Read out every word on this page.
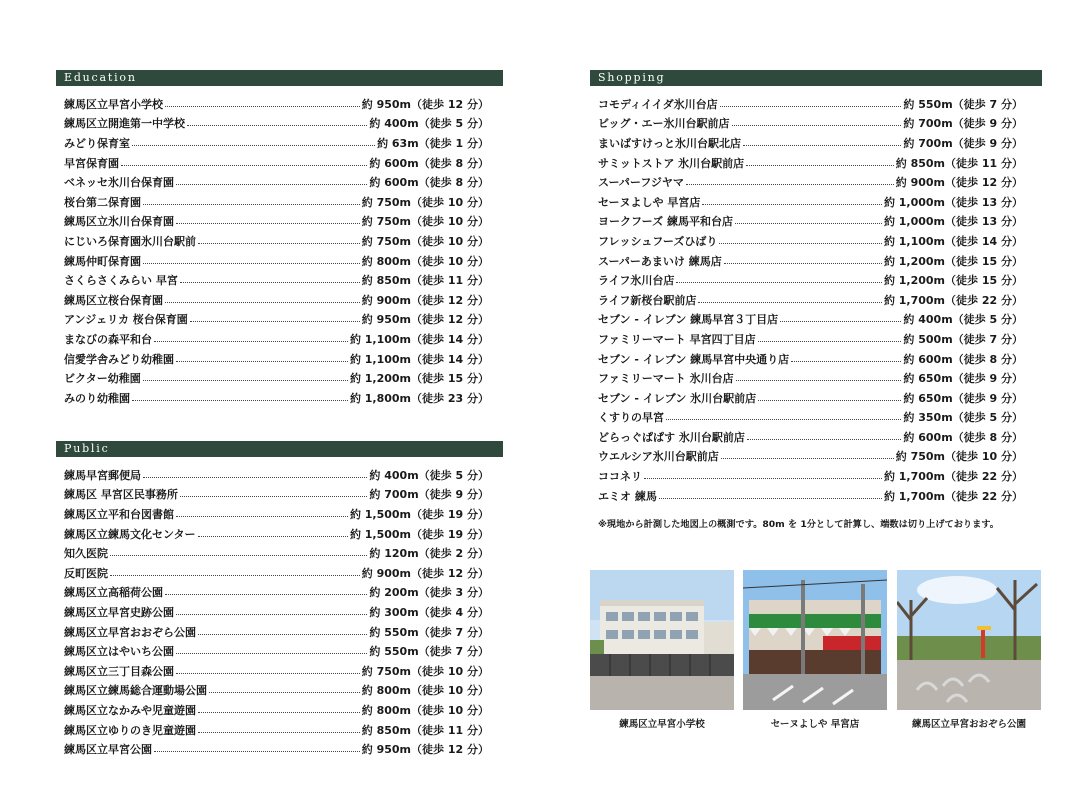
Education
練馬区立早宮小学校	約 950m（徒歩 12 分）
練馬区立開進第一中学校	約 400m（徒歩 5 分）
みどり保育室	約 63m（徒歩 1 分）
早宮保育園	約 600m（徒歩 8 分）
ベネッセ氷川台保育園	約 600m（徒歩 8 分）
桜台第二保育園	約 750m（徒歩 10 分）
練馬区立氷川台保育園	約 750m（徒歩 10 分）
にじいろ保育園氷川台駅前	約 750m（徒歩 10 分）
練馬仲町保育園	約 800m（徒歩 10 分）
さくらさくみらい 早宮	約 850m（徒歩 11 分）
練馬区立桜台保育園	約 900m（徒歩 12 分）
アンジェリカ 桜台保育園	約 950m（徒歩 12 分）
まなびの森平和台	約 1,100m（徒歩 14 分）
信愛学舎みどり幼稚園	約 1,100m（徒歩 14 分）
ビクター幼稚園	約 1,200m（徒歩 15 分）
みのり幼稚園	約 1,800m（徒歩 23 分）
Public
練馬早宮郵便局	約 400m（徒歩 5 分）
練馬区 早宮区民事務所	約 700m（徒歩 9 分）
練馬区立平和台図書館	約 1,500m（徒歩 19 分）
練馬区立練馬文化センター	約 1,500m（徒歩 19 分）
知久医院	約 120m（徒歩 2 分）
反町医院	約 900m（徒歩 12 分）
練馬区立高稲荷公園	約 200m（徒歩 3 分）
練馬区立早宮史跡公園	約 300m（徒歩 4 分）
練馬区立早宮おおぞら公園	約 550m（徒歩 7 分）
練馬区立はやいち公園	約 550m（徒歩 7 分）
練馬区立三丁目森公園	約 750m（徒歩 10 分）
練馬区立練馬総合運動場公園	約 800m（徒歩 10 分）
練馬区立なかみや児童遊園	約 800m（徒歩 10 分）
練馬区立ゆりのき児童遊園	約 850m（徒歩 11 分）
練馬区立早宮公園	約 950m（徒歩 12 分）
Shopping
コモディイイダ氷川台店	約 550m（徒歩 7 分）
ビッグ・エー氷川台駅前店	約 700m（徒歩 9 分）
まいばすけっと氷川台駅北店	約 700m（徒歩 9 分）
サミットストア 氷川台駅前店	約 850m（徒歩 11 分）
スーパーフジヤマ	約 900m（徒歩 12 分）
セーヌよしや 早宮店	約 1,000m（徒歩 13 分）
ヨークフーズ 練馬平和台店	約 1,000m（徒歩 13 分）
フレッシュフーズひばり	約 1,100m（徒歩 14 分）
スーパーあまいけ 練馬店	約 1,200m（徒歩 15 分）
ライフ氷川台店	約 1,200m（徒歩 15 分）
ライフ新桜台駅前店	約 1,700m（徒歩 22 分）
セブン - イレブン 練馬早宮３丁目店	約 400m（徒歩 5 分）
ファミリーマート 早宮四丁目店	約 500m（徒歩 7 分）
セブン - イレブン 練馬早宮中央通り店	約 600m（徒歩 8 分）
ファミリーマート 氷川台店	約 650m（徒歩 9 分）
セブン - イレブン 氷川台駅前店	約 650m（徒歩 9 分）
くすりの早宮	約 350m（徒歩 5 分）
どらっぐぱぱす 氷川台駅前店	約 600m（徒歩 8 分）
ウエルシア氷川台駅前店	約 750m（徒歩 10 分）
ココネリ	約 1,700m（徒歩 22 分）
エミオ 練馬	約 1,700m（徒歩 22 分）
※現地から計測した地図上の概測です。80m を 1分として計算し、端数は切り上げております。
練馬区立早宮小学校	セーヌよしや 早宮店	練馬区立早宮おおぞら公園
